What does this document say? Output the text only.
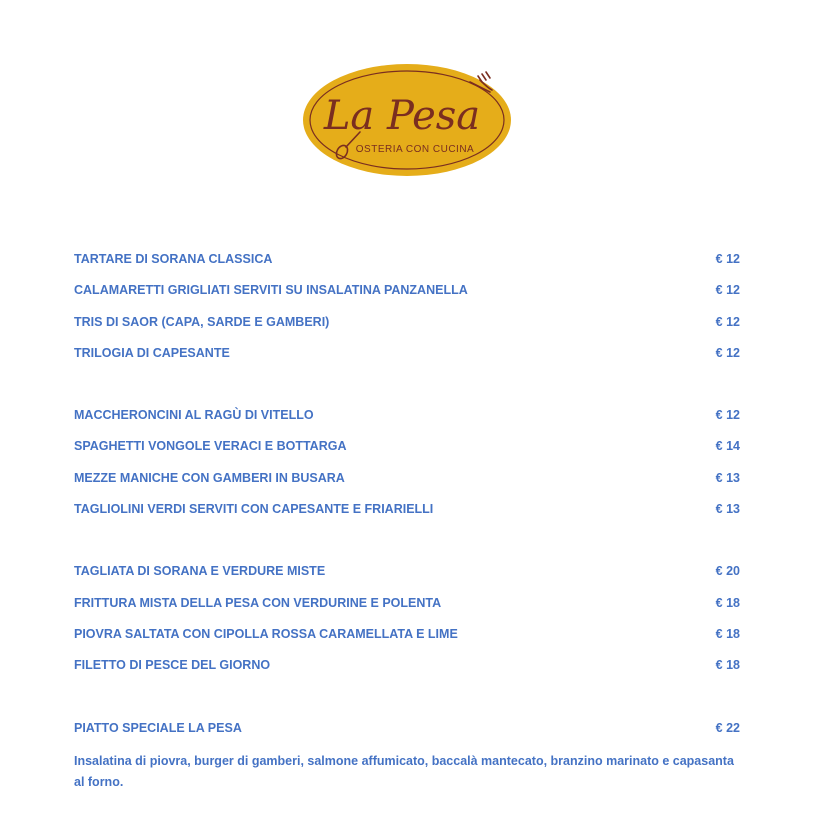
La Pesa
OSTERIA CON CUCINA
TARTARE DI SORANA CLASSICA	€ 12
CALAMARETTI GRIGLIATI SERVITI SU INSALATINA PANZANELLA	€ 12
TRIS DI SAOR (CAPA, SARDE E GAMBERI)	€ 12
TRILOGIA DI CAPESANTE	€ 12
MACCHERONCINI AL RAGÙ DI VITELLO	€ 12
SPAGHETTI VONGOLE VERACI E BOTTARGA	€ 14
MEZZE MANICHE CON GAMBERI IN BUSARA	€ 13
TAGLIOLINI VERDI SERVITI CON CAPESANTE E FRIARIELLI	€ 13
TAGLIATA DI SORANA E VERDURE MISTE	€ 20
FRITTURA MISTA DELLA PESA CON VERDURINE E POLENTA	€ 18
PIOVRA SALTATA CON CIPOLLA ROSSA CARAMELLATA E LIME	€ 18
FILETTO DI PESCE DEL GIORNO	€ 18
PIATTO SPECIALE LA PESA	€ 22
Insalatina di piovra, burger di gamberi, salmone affumicato, baccalà mantecato, branzino marinato e capasanta al forno.
